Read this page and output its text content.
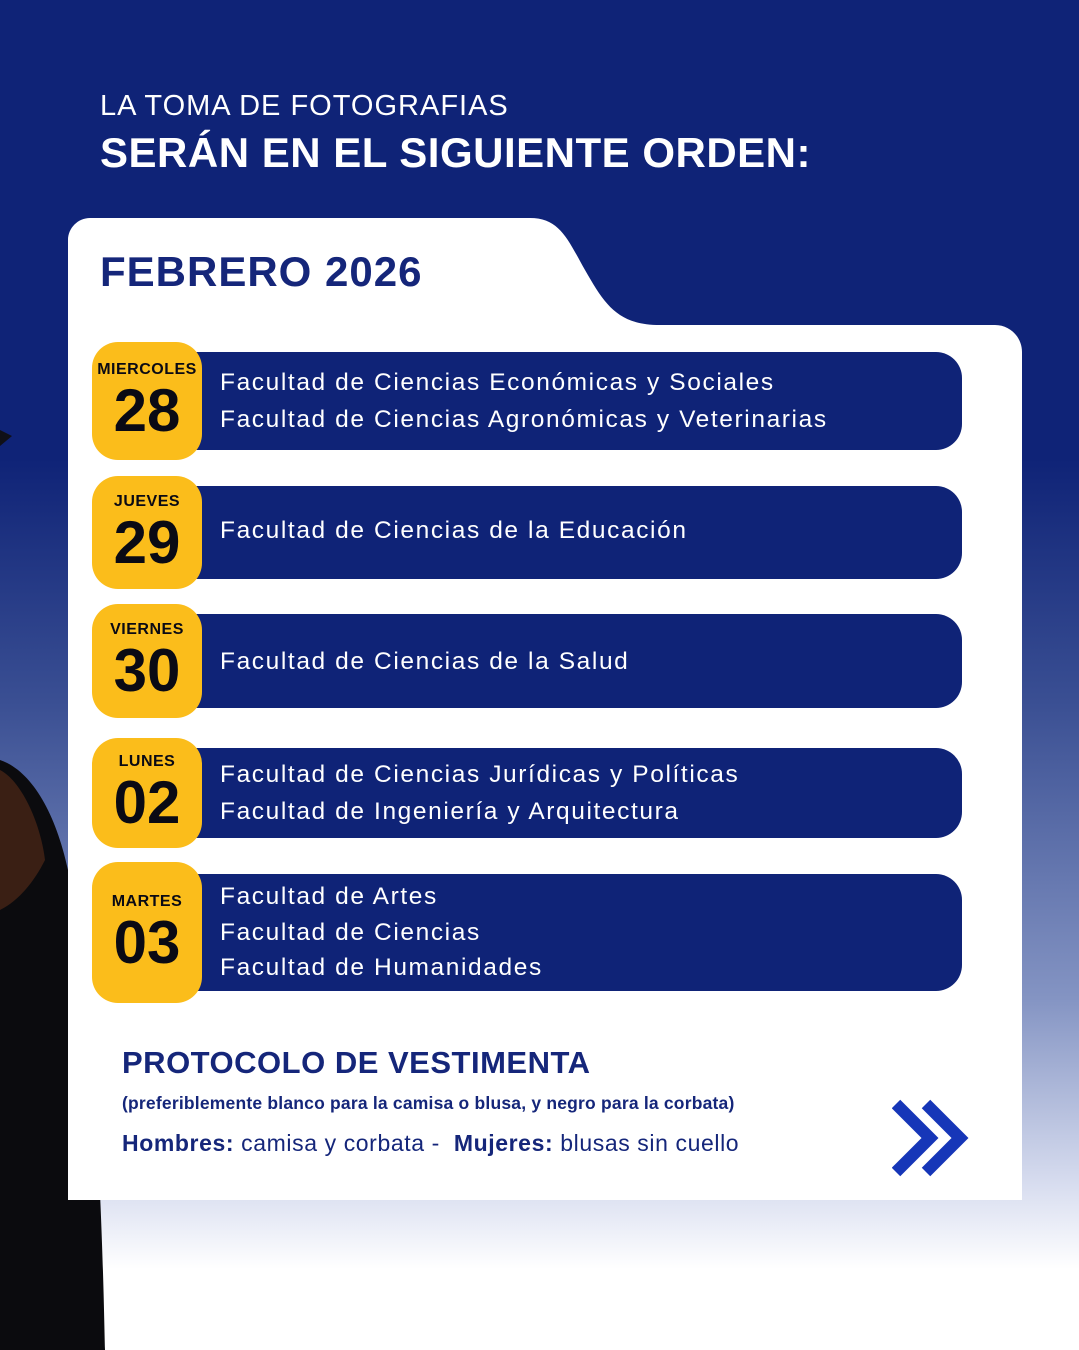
LA TOMA DE FOTOGRAFIAS
SERÁN EN EL SIGUIENTE ORDEN:
FEBRERO 2026
MIERCOLES
28 Facultad de Ciencias Económicas y Sociales
Facultad de Ciencias Agronómicas y Veterinarias
JUEVES
29 Facultad de Ciencias de la Educación
VIERNES
30 Facultad de Ciencias de la Salud
LUNES
02 Facultad de Ciencias Jurídicas y Políticas
Facultad de Ingeniería y Arquitectura
MARTES
03
Facultad de Artes
Facultad de Ciencias
Facultad de Humanidades
PROTOCOLO DE VESTIMENTA
(preferiblemente blanco para la camisa o blusa, y negro para la corbata)
Hombres: camisa y corbata - Mujeres: blusas sin cuello
